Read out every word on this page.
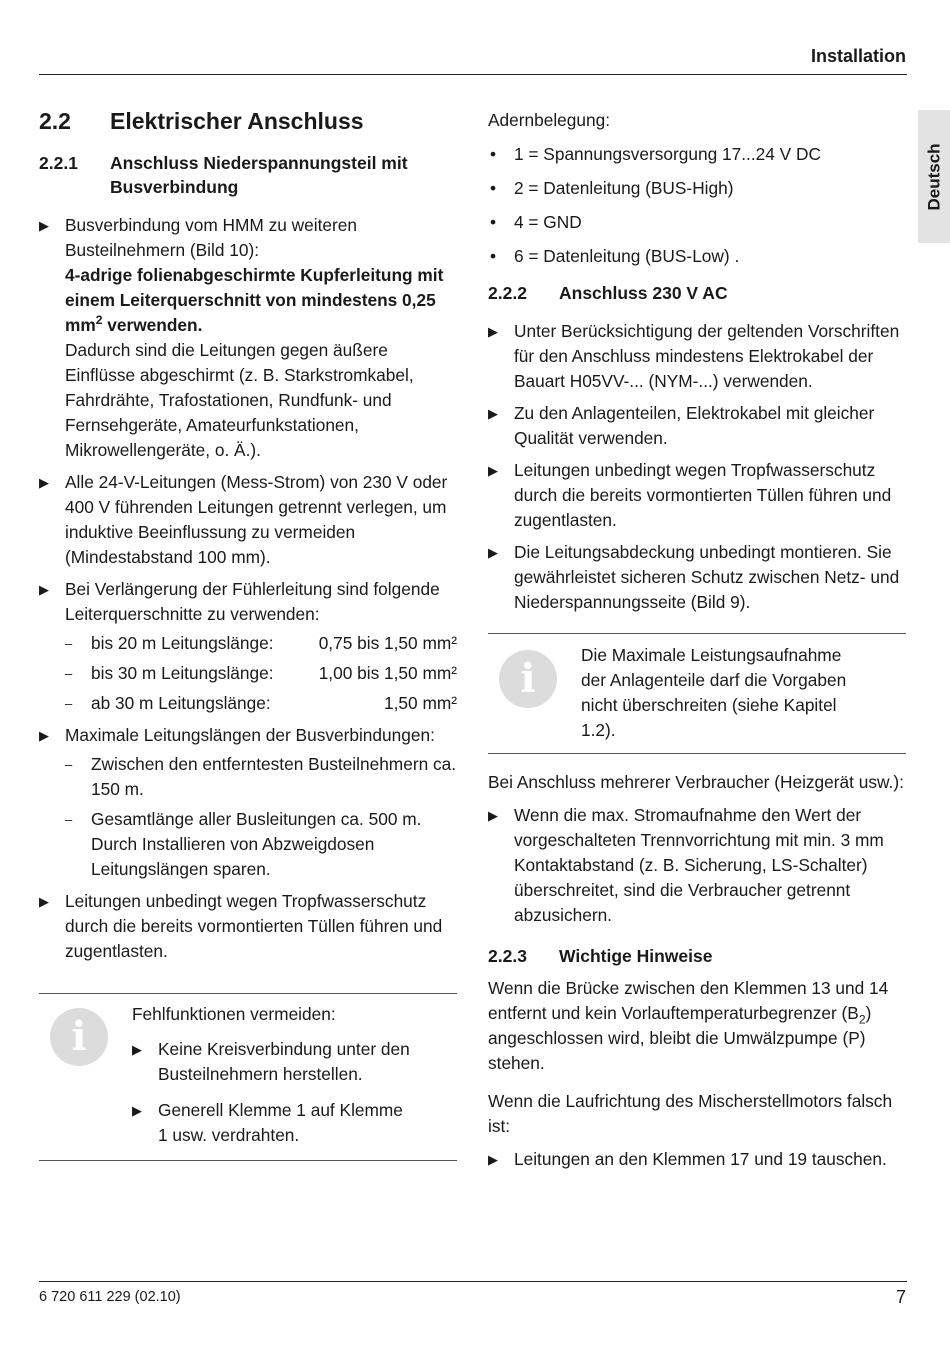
Installation
Deutsch
2.2	Elektrischer Anschluss
2.2.1	Anschluss Niederspannungsteil mit Busverbindung
▶ Busverbindung vom HMM zu weiteren Busteilnehmern (Bild 10):
4-adrige folienabgeschirmte Kupferleitung mit einem Leiterquerschnitt von mindestens 0,25 $mm^2$ verwenden.
Dadurch sind die Leitungen gegen äußere Einflüsse abgeschirmt (z. B. Starkstromkabel, Fahrdrähte, Trafostationen, Rundfunk- und Fernsehgeräte, Amateurfunkstationen, Mikrowellengeräte, o. Ä.).
▶ Alle 24-V-Leitungen (Mess-Strom) von 230 V oder 400 V führenden Leitungen getrennt verlegen, um induktive Beeinflussung zu vermeiden (Mindestabstand 100 mm).
▶ Bei Verlängerung der Fühlerleitung sind folgende Leiterquerschnitte zu verwenden:
– bis 20 m Leitungslänge:	0,75 bis 1,50 mm²
– bis 30 m Leitungslänge:	1,00 bis 1,50 mm²
– ab 30 m Leitungslänge:	1,50 mm²
▶ Maximale Leitungslängen der Busverbindungen:
– Zwischen den entferntesten Busteilnehmern ca. 150 m.
– Gesamtlänge aller Busleitungen ca. 500 m.
Durch Installieren von Abzweigdosen Leitungslängen sparen.
▶ Leitungen unbedingt wegen Tropfwasserschutz durch die bereits vormontierten Tüllen führen und zugentlasten.
i	Fehlfunktionen vermeiden:

▶ Keine Kreisverbindung unter den Busteilnehmern herstellen.
▶ Generell Klemme 1 auf Klemme 1 usw. verdrahten.

Adernbelegung:

• 1 = Spannungsversorgung 17...24 V DC
• 2 = Datenleitung (BUS-High)
• 4 = GND
• 6 = Datenleitung (BUS-Low) .
2.2.2	Anschluss 230 V AC
▶ Unter Berücksichtigung der geltenden Vorschriften für den Anschluss mindestens Elektrokabel der Bauart H05VV-... (NYM-...) verwenden.
▶ Zu den Anlagenteilen, Elektrokabel mit gleicher Qualität verwenden.
▶ Leitungen unbedingt wegen Tropfwasserschutz durch die bereits vormontierten Tüllen führen und zugentlasten.
▶ Die Leitungsabdeckung unbedingt montieren. Sie gewährleistet sicheren Schutz zwischen Netz- und Niederspannungsseite (Bild 9).
i	Die Maximale Leistungsaufnahme der Anlagenteile darf die Vorgaben nicht überschreiten (siehe Kapitel 1.2).

Bei Anschluss mehrerer Verbraucher (Heizgerät usw.):

▶ Wenn die max. Stromaufnahme den Wert der vorgeschalteten Trennvorrichtung mit min. 3 mm Kontaktabstand (z. B. Sicherung, LS-Schalter) überschreitet, sind die Verbraucher getrennt abzusichern.
2.2.3	Wichtige Hinweise

Wenn die Brücke zwischen den Klemmen 13 und 14 entfernt und kein Vorlauftemperaturbegrenzer $(B_2)$ angeschlossen wird, bleibt die Umwälzpumpe (P) stehen.

Wenn die Laufrichtung des Mischerstellmotors falsch ist:

▶ Leitungen an den Klemmen 17 und 19 tauschen.
6 720 611 229 (02.10)	7
